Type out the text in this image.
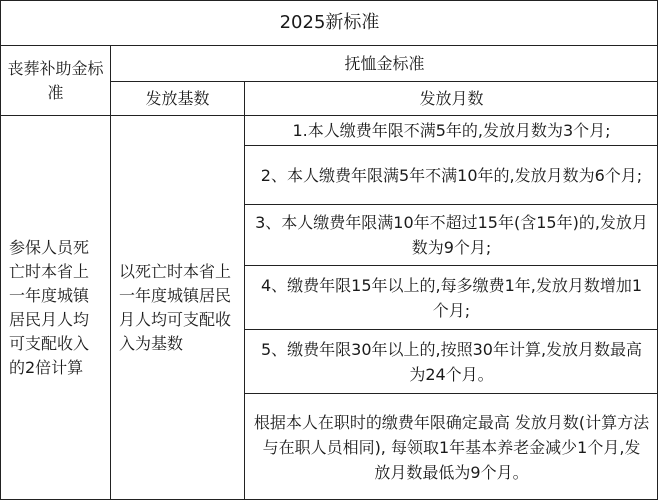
2025新标准
丧葬补助金标准
抚恤金标准
发放基数	发放月数
参保人员死亡时本省上一年度城镇居民月人均可支配收入的2倍计算
以死亡时本省上一年度城镇居民月人均可支配收入为基数
1.本人缴费年限不满5年的,发放月数为3个月;
2、本人缴费年限满5年不满10年的,发放月数为6个月;
3、本人缴费年限满10年不超过15年(含15年)的,发放月数为9个月;
4、缴费年限15年以上的,每多缴费1年,发放月数增加1个月;
5、缴费年限30年以上的,按照30年计算,发放月数最高为24个月。
根据本人在职时的缴费年限确定最高 发放月数(计算方法与在职人员相同), 每领取1年基本养老金减少1个月,发 放月数最低为9个月。
